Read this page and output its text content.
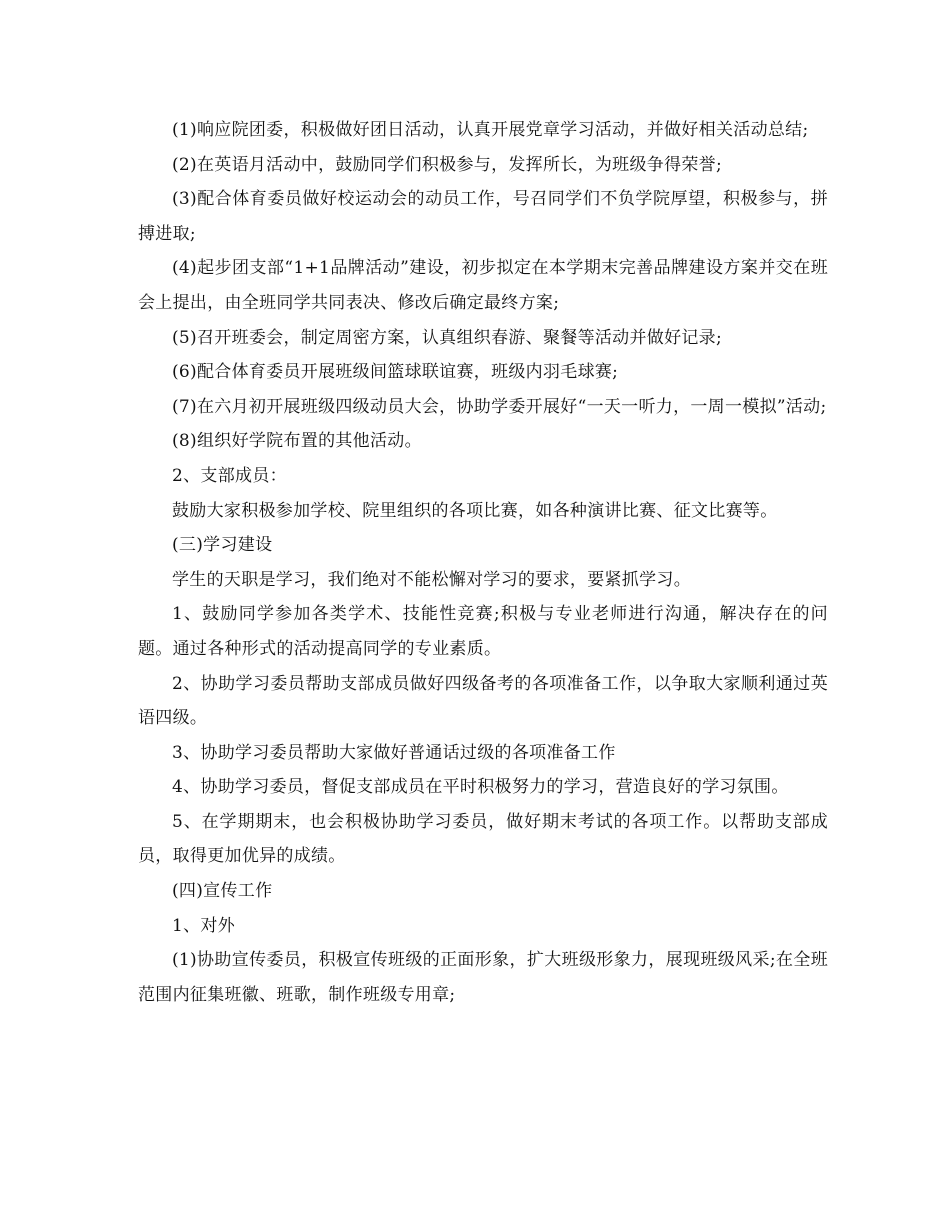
(1)响应院团委，积极做好团日活动，认真开展党章学习活动，并做好相关活动总结;

(2)在英语月活动中，鼓励同学们积极参与，发挥所长，为班级争得荣誉;

(3)配合体育委员做好校运动会的动员工作，号召同学们不负学院厚望，积极参与，拼搏进取;

(4)起步团支部“1+1品牌活动”建设，初步拟定在本学期末完善品牌建设方案并交在班会上提出，由全班同学共同表决、修改后确定最终方案;

(5)召开班委会，制定周密方案，认真组织春游、聚餐等活动并做好记录;

(6)配合体育委员开展班级间篮球联谊赛，班级内羽毛球赛;

(7)在六月初开展班级四级动员大会，协助学委开展好“一天一听力，一周一模拟”活动;

(8)组织好学院布置的其他活动。

2、支部成员：

鼓励大家积极参加学校、院里组织的各项比赛，如各种演讲比赛、征文比赛等。

(三)学习建设

学生的天职是学习，我们绝对不能松懈对学习的要求，要紧抓学习。

1、鼓励同学参加各类学术、技能性竞赛;积极与专业老师进行沟通，解决存在的问题。通过各种形式的活动提高同学的专业素质。

2、协助学习委员帮助支部成员做好四级备考的各项准备工作，以争取大家顺利通过英语四级。

3、协助学习委员帮助大家做好普通话过级的各项准备工作

4、协助学习委员，督促支部成员在平时积极努力的学习，营造良好的学习氛围。

5、在学期期末，也会积极协助学习委员，做好期末考试的各项工作。以帮助支部成员，取得更加优异的成绩。

(四)宣传工作

1、对外

(1)协助宣传委员，积极宣传班级的正面形象，扩大班级形象力，展现班级风采;在全班范围内征集班徽、班歌，制作班级专用章;
